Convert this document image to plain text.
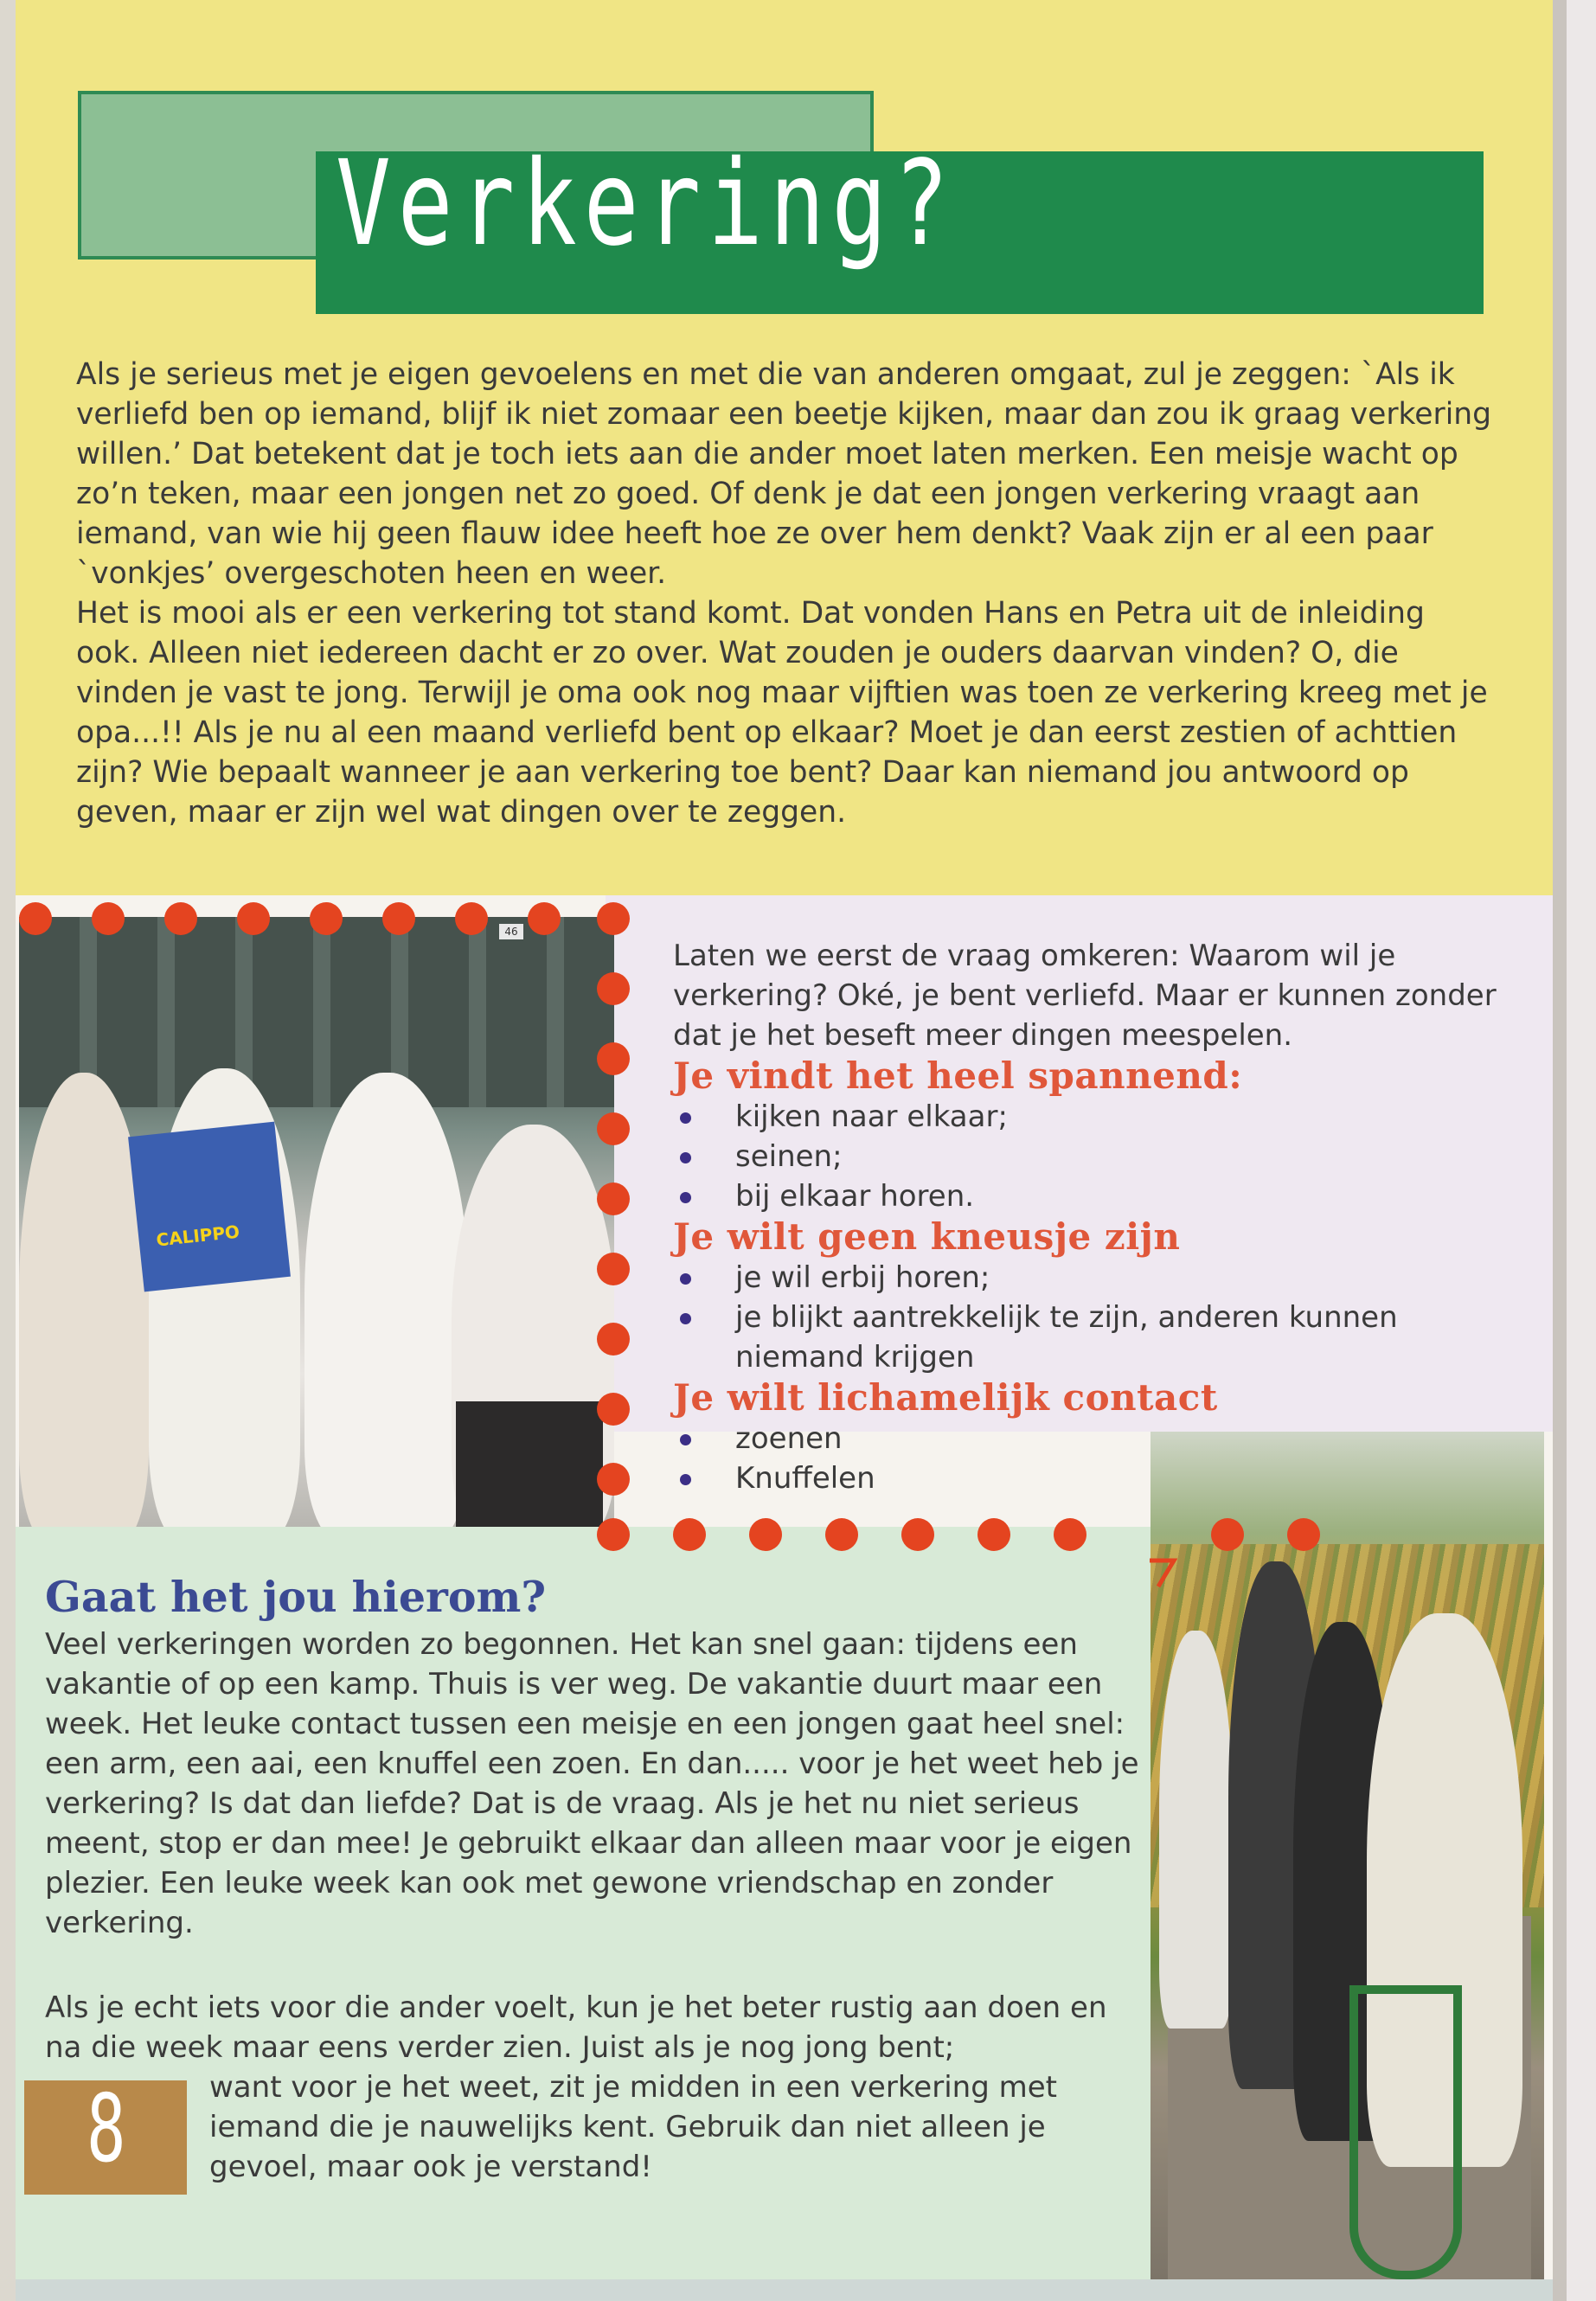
Verkering?

Als je serieus met je eigen gevoelens en met die van anderen omgaat, zul je zeggen: `Als ik verliefd ben op iemand, blijf ik niet zomaar een beetje kijken, maar dan zou ik graag verkering willen.’ Dat betekent dat je toch iets aan die ander moet laten merken. Een meisje wacht op zo’n teken, maar een jongen net zo goed. Of denk je dat een jongen verkering vraagt aan iemand, van wie hij geen flauw idee heeft hoe ze over hem denkt? Vaak zijn er al een paar `vonkjes’ overgeschoten heen en weer.

Het is mooi als er een verkering tot stand komt. Dat vonden Hans en Petra uit de inleiding ook. Alleen niet iedereen dacht er zo over. Wat zouden je ouders daarvan vinden? O, die vinden je vast te jong. Terwijl je oma ook nog maar vijftien was toen ze verkering kreeg met je opa...!! Als je nu al een maand verliefd bent op elkaar? Moet je dan eerst zestien of achttien zijn? Wie bepaalt wanneer je aan verkering toe bent? Daar kan niemand jou antwoord op geven, maar er zijn wel wat dingen over te zeggen.

46
CALIPPO

Laten we eerst de vraag omkeren: Waarom wil je verkering? Oké, je bent verliefd. Maar er kunnen zonder dat je het beseft meer dingen meespelen.

Je vindt het heel spannend:
kijken naar elkaar;
seinen;
bij elkaar horen.
Je wilt geen kneusje zijn
je wil erbij horen;
je blijkt aantrekkelijk te zijn, anderen kunnen niemand krijgen
Je wilt lichamelijk contact
zoenen
Knuffelen
Gaat het jou hierom?

Veel verkeringen worden zo begonnen. Het kan snel gaan: tijdens een vakantie of op een kamp. Thuis is ver weg. De vakantie duurt maar een week. Het leuke contact tussen een meisje en een jongen gaat heel snel: een arm, een aai, een knuffel een zoen. En dan..... voor je het weet heb je verkering? Is dat dan liefde? Dat is de vraag. Als je het nu niet serieus meent, stop er dan mee! Je gebruikt elkaar dan alleen maar voor je eigen plezier. Een leuke week kan ook met gewone vriendschap en zonder verkering.

Als je echt iets voor die ander voelt, kun je het beter rustig aan doen en na die week maar eens verder zien. Juist als je nog jong bent;
want voor je het weet, zit je midden in een verkering met iemand die je nauwelijks kent. Gebruik dan niet alleen je gevoel, maar ook je verstand!

8
